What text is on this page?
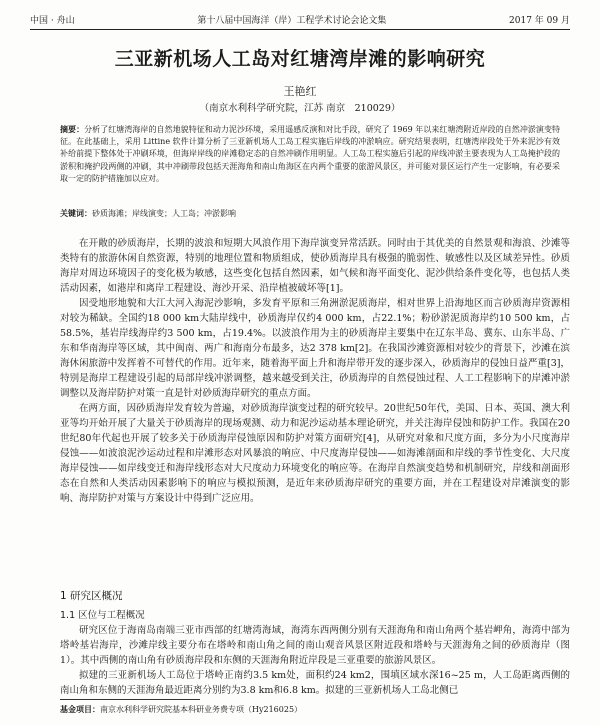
中国 · 舟山	第十八届中国海洋（岸）工程学术讨论会论文集	2017 年 09 月
三亚新机场人工岛对红塘湾岸滩的影响研究
王艳红
（南京水利科学研究院，江苏 南京　210029）
摘要：分析了红塘湾海岸的自然地貌特征和动力泥沙环境，采用遥感反演和对比手段，研究了 1969 年以来红塘湾附近岸段的自然冲淤演变特征。在此基础上，采用 Littine 软件计算分析了三亚新机场人工岛工程实施后岸线的冲淤响应。研究结果表明，红塘湾岸段处于外来泥沙有效补给前提下整体处于冲刷环境，但海岸岸线的岸滩稳定态的自然冲刷作用明显。人工岛工程实施后引起的岸线冲淤主要表现为人工岛掩护段的淤积和掩护段两侧的冲刷，其中冲刷带段包括天涯海角和南山角海区在内两个重要的旅游风景区，并可能对景区运行产生一定影响，有必要采取一定的防护措施加以应对。
关键词：砂质海滩；岸线演变；人工岛；冲淤影响

在开敞的砂质海岸，长期的波浪和短期大风浪作用下海岸演变异常活跃。同时由于其优美的自然景观和海浪、沙滩等类特有的旅游休闲自然资源，特别的地理位置和物质组成，使砂质海岸具有极强的脆弱性、敏感性以及区域差异性。砂质海岸对周边环境因子的变化极为敏感，这些变化包括自然因素，如气候和海平面变化、泥沙供给条件变化等，也包括人类活动因素，如港岸和离岸工程建设、海沙开采、沿岸植被破坏等[1]。

因受地形地貌和大江大河入海泥沙影响，多发育平原和三角洲淤泥质海岸，相对世界上沿海地区而言砂质海岸资源相对较为稀缺。全国约18 000 km大陆岸线中，砂质海岸仅约4 000 km，占22.1%；粉砂淤泥质海岸约10 500 km，占58.5%，基岩岸线海岸约3 500 km，占19.4%。以波浪作用为主的砂质海岸主要集中在辽东半岛、冀东、山东半岛、广东和华南海岸等区域，其中闽南、两广和海南分布最多，达2 378 km[2]。在我国沙滩资源相对较少的背景下，沙滩在滨海休闲旅游中发挥着不可替代的作用。近年来，随着海平面上升和海岸带开发的逐步深入，砂质海岸的侵蚀日益严重[3]，特别是海岸工程建设引起的局部岸线冲淤调整，越来越受到关注，砂质海岸的自然侵蚀过程、人工工程影响下的岸滩冲淤调整以及海岸防护对策一直是针对砂质海岸研究的重点方面。

在两方面，因砂质海岸发育较为普遍，对砂质海岸演变过程的研究较早。20世纪50年代，美国、日本、英国、澳大利亚等均开始开展了大量关于砂质海岸的现场观测、动力和泥沙运动基本理论研究，并关注海岸侵蚀和防护工作。我国在20世纪80年代起也开展了较多关于砂质海岸侵蚀原因和防护对策方面研究[4]，从研究对象和尺度方面，多分为小尺度海岸侵蚀——如波浪泥沙运动过程和岸滩形态对风暴浪的响应、中尺度海岸侵蚀——如海滩剖面和岸线的季节性变化、大尺度海岸侵蚀——如岸线变迁和海岸线形态对大尺度动力环境变化的响应等。在海岸自然演变趋势和机制研究，岸线和剖面形态在自然和人类活动因素影响下的响应与模拟预测，是近年来砂质海岸研究的重要方面，并在工程建设对岸滩演变的影响、海岸防护对策与方案设计中得到广泛应用。

1 研究区概况
1.1 区位与工程概况

研究区位于海南岛南端三亚市西部的红塘湾海域，海湾东西两侧分别有天涯海角和南山角两个基岩岬角，海湾中部为塔岭基岩海岸，沙滩岸线主要分布在塔岭和南山角之间的南山观音风景区附近段和塔岭与天涯海角之间的砂质海岸（图1）。其中西侧的南山角有砂质海岸段和东侧的天涯海角附近岸段是三亚重要的旅游风景区。

拟建的三亚新机场人工岛位于塔岭正南约3.5 km处，面积约24 km2，围填区域水深16~25 m，人工岛距离西侧的南山角和东侧的天涯海角最近距离分别约为3.8 km和6.8 km。拟建的三亚新机场人工岛北侧已

基金项目：南京水利科学研究院基本科研业务费专项（Hy216025）
